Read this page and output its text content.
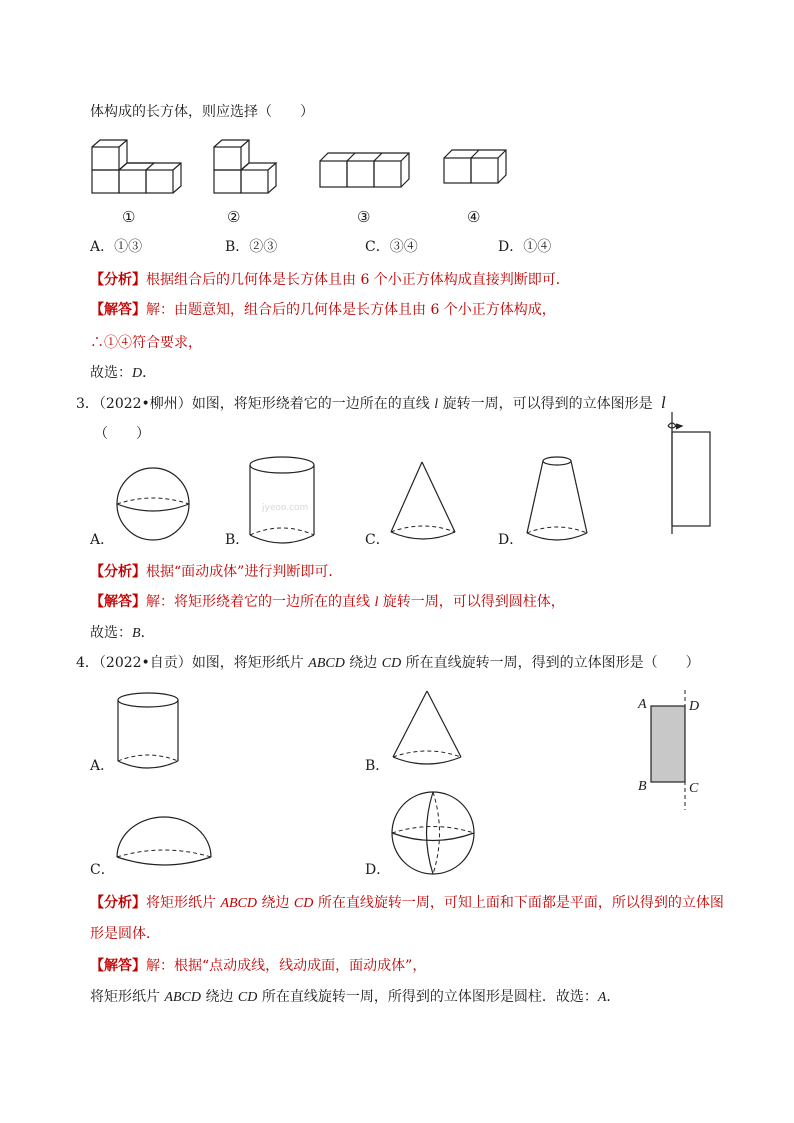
体构成的长方体，则应选择（　　）
①	②	③	④
A．①③	B．②③	C．③④	D．①④
【分析】根据组合后的几何体是长方体且由 6 个小正方体构成直接判断即可．
【解答】解：由题意知，组合后的几何体是长方体且由 6 个小正方体构成，
∴①④符合要求，
故选：D．
3．（2022•柳州）如图，将矩形绕着它的一边所在的直线 l 旋转一周，可以得到的立体图形是
（　　）
l
jyeoo.com
A．	B．	C．	D．
【分析】根据“面动成体”进行判断即可．
【解答】解：将矩形绕着它的一边所在的直线 l 旋转一周，可以得到圆柱体，
故选：B．
4．（2022•自贡）如图，将矩形纸片 ABCD 绕边 CD 所在直线旋转一周，得到的立体图形是（　　）
A	D
B	C
A．	B．
C．	D．
【分析】将矩形纸片 ABCD 绕边 CD 所在直线旋转一周，可知上面和下面都是平面，所以得到的立体图
形是圆体．
【解答】解：根据“点动成线，线动成面，面动成体”，
将矩形纸片 ABCD 绕边 CD 所在直线旋转一周，所得到的立体图形是圆柱．故选：A．
